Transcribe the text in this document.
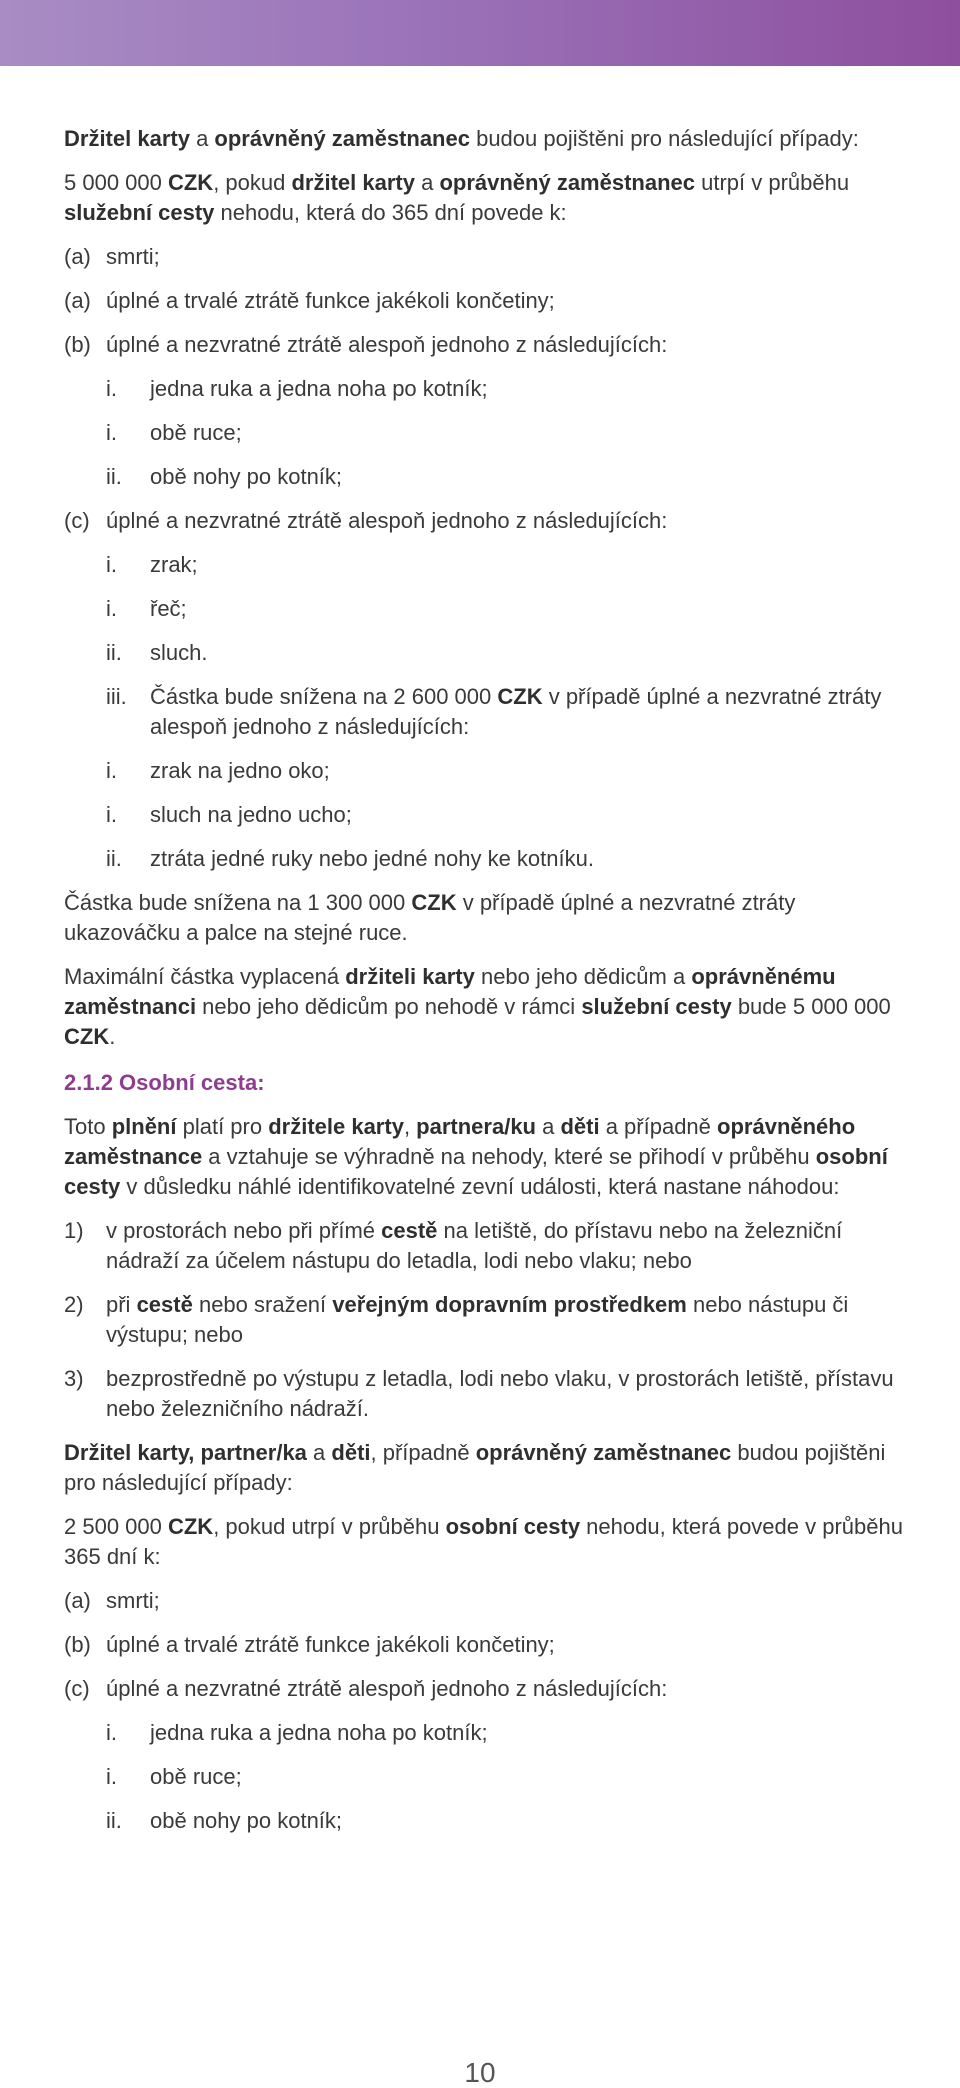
Držitel karty a oprávněný zaměstnanec budou pojištěni pro následující případy:

5 000 000 CZK, pokud držitel karty a oprávněný zaměstnanec utrpí v průběhu služební cesty nehodu, která do 365 dní povede k:

(a) smrti;
(a) úplné a trvalé ztrátě funkce jakékoli končetiny;
(b) úplné a nezvratné ztrátě alespoň jednoho z následujících:
i.	jedna ruka a jedna noha po kotník;
i.	obě ruce;
ii.	obě nohy po kotník;
(c) úplné a nezvratné ztrátě alespoň jednoho z následujících:
i.	zrak;
i.	řeč;
ii.	sluch.
iii.	Částka bude snížena na 2 600 000 CZK v případě úplné a nezvratné ztráty alespoň jednoho z následujících:
i.	zrak na jedno oko;
i.	sluch na jedno ucho;
ii.	ztráta jedné ruky nebo jedné nohy ke kotníku.

Částka bude snížena na 1 300 000 CZK v případě úplné a nezvratné ztráty ukazováčku a palce na stejné ruce.

Maximální částka vyplacená držiteli karty nebo jeho dědicům a oprávněnému zaměstnanci nebo jeho dědicům po nehodě v rámci služební cesty bude 5 000 000 CZK.

2.1.2 Osobní cesta:

Toto plnění platí pro držitele karty, partnera/ku a děti a případně oprávněného zaměstnance a vztahuje se výhradně na nehody, které se přihodí v průběhu osobní cesty v důsledku náhlé identifikovatelné zevní události, která nastane náhodou:

1)	v prostorách nebo při přímé cestě na letiště, do přístavu nebo na železniční nádraží za účelem nástupu do letadla, lodi nebo vlaku; nebo
2)	při cestě nebo sražení veřejným dopravním prostředkem nebo nástupu či výstupu; nebo
3)	bezprostředně po výstupu z letadla, lodi nebo vlaku, v prostorách letiště, přístavu nebo železničního nádraží.

Držitel karty, partner/ka a děti, případně oprávněný zaměstnanec budou pojištěni pro následující případy:

2 500 000 CZK, pokud utrpí v průběhu osobní cesty nehodu, která povede v průběhu 365 dní k:

(a) smrti;
(b) úplné a trvalé ztrátě funkce jakékoli končetiny;
(c) úplné a nezvratné ztrátě alespoň jednoho z následujících:
i.	jedna ruka a jedna noha po kotník;
i.	obě ruce;
ii.	obě nohy po kotník;
10
